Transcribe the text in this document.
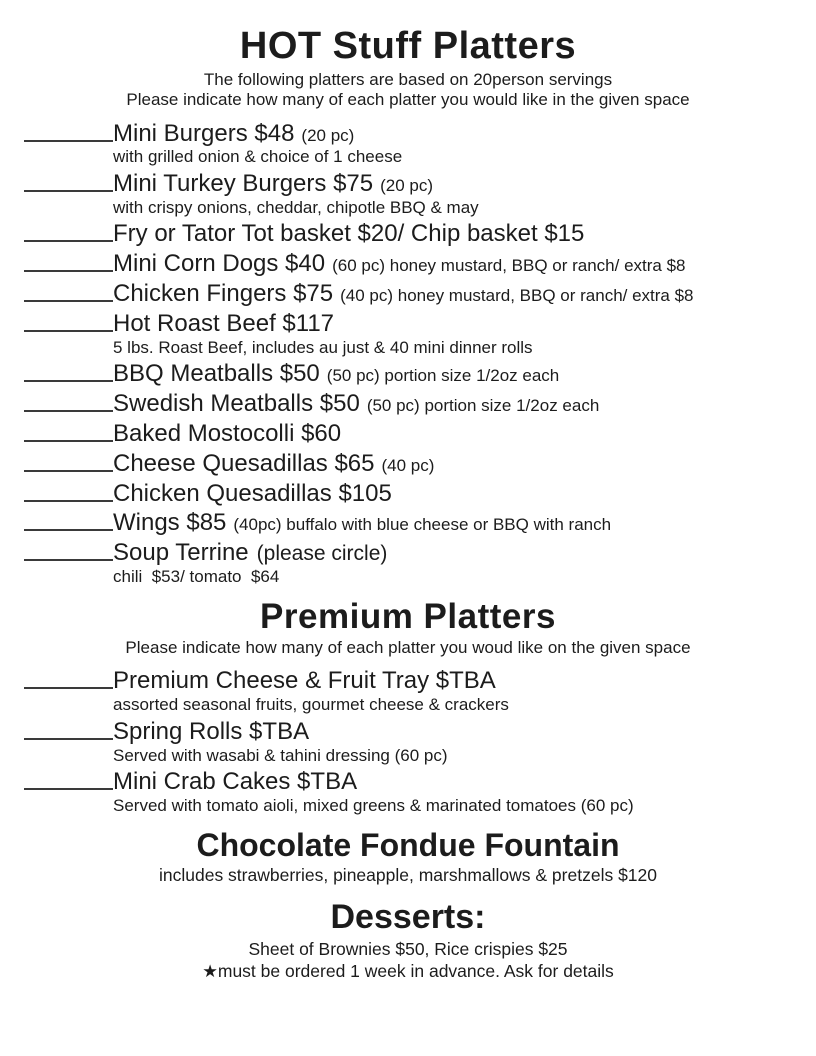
HOT Stuff Platters

The following platters are based on 20person servings

Please indicate how many of each platter you would like in the given space

Mini Burgers $48 (20 pc)
with grilled onion & choice of 1 cheese
Mini Turkey Burgers $75 (20 pc)
with crispy onions, cheddar, chipotle BBQ & may
Fry or Tator Tot basket $20/ Chip basket $15
Mini Corn Dogs $40 (60 pc) honey mustard, BBQ or ranch/ extra $8
Chicken Fingers $75 (40 pc) honey mustard, BBQ or ranch/ extra $8
Hot Roast Beef $117
5 lbs. Roast Beef, includes au just & 40 mini dinner rolls
BBQ Meatballs $50 (50 pc) portion size 1/2oz each
Swedish Meatballs $50 (50 pc) portion size 1/2oz each
Baked Mostocolli $60
Cheese Quesadillas $65 (40 pc)
Chicken Quesadillas $105
Wings $85 (40pc) buffalo with blue cheese or BBQ with ranch
Soup Terrine (please circle)
chili  $53/ tomato  $64
Premium Platters

Please indicate how many of each platter you woud like on the given space

Premium Cheese & Fruit Tray $TBA
assorted seasonal fruits, gourmet cheese & crackers
Spring Rolls $TBA
Served with wasabi & tahini dressing (60 pc)
Mini Crab Cakes $TBA
Served with tomato aioli, mixed greens & marinated tomatoes (60 pc)
Chocolate Fondue Fountain

includes strawberries, pineapple, marshmallows & pretzels $120

Desserts:

Sheet of Brownies $50, Rice crispies $25

★must be ordered 1 week in advance. Ask for details
